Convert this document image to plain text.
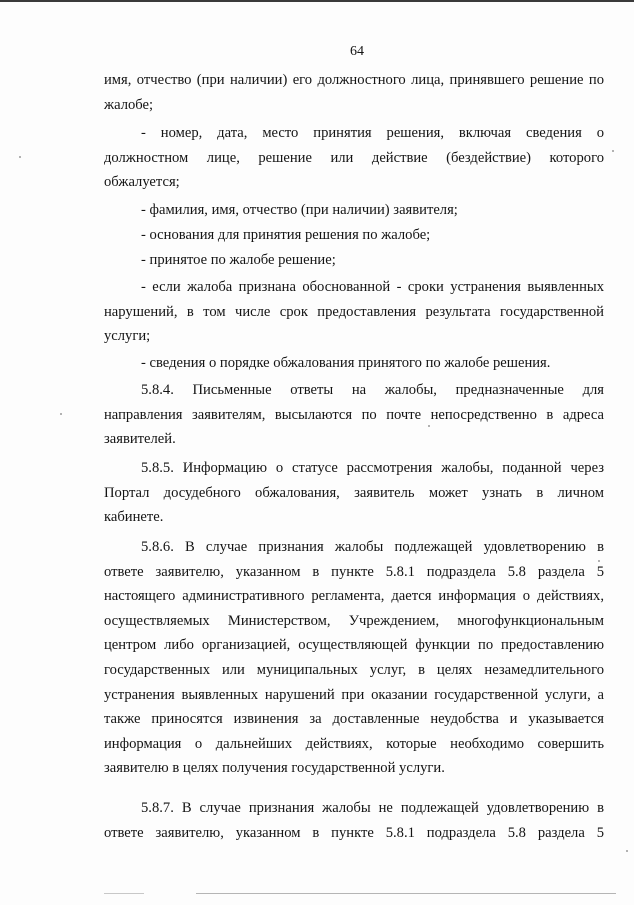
64
имя, отчество (при наличии) его должностного лица, принявшего решение по
жалобе;
- номер, дата, место принятия решения, включая сведения о
должностном лице, решение или действие (бездействие) которого
обжалуется;
- фамилия, имя, отчество (при наличии) заявителя;
- основания для принятия решения по жалобе;
- принятое по жалобе решение;
- если жалоба признана обоснованной - сроки устранения выявленных
нарушений, в том числе срок предоставления результата государственной
услуги;
- сведения о порядке обжалования принятого по жалобе решения.
5.8.4. Письменные ответы на жалобы, предназначенные для
направления заявителям, высылаются по почте непосредственно в адреса
заявителей.
5.8.5. Информацию о статусе рассмотрения жалобы, поданной через
Портал досудебного обжалования, заявитель может узнать в личном
кабинете.
5.8.6. В случае признания жалобы подлежащей удовлетворению в
ответе заявителю, указанном в пункте 5.8.1 подраздела 5.8 раздела 5
настоящего административного регламента, дается информация о действиях,
осуществляемых Министерством, Учреждением, многофункциональным
центром либо организацией, осуществляющей функции по предоставлению
государственных или муниципальных услуг, в целях незамедлительного
устранения выявленных нарушений при оказании государственной услуги, а
также приносятся извинения за доставленные неудобства и указывается
информация о дальнейших действиях, которые необходимо совершить
заявителю в целях получения государственной услуги.
5.8.7. В случае признания жалобы не подлежащей удовлетворению в
ответе заявителю, указанном в пункте 5.8.1 подраздела 5.8 раздела 5
